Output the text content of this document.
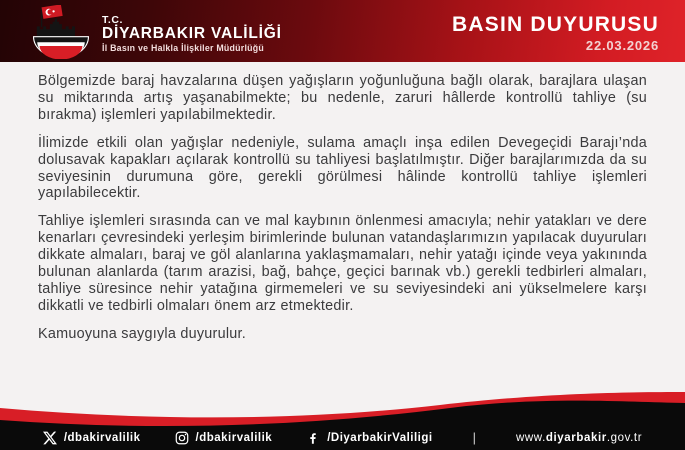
T.C.
DİYARBAKIR VALİLİĞİ
İl Basın ve Halkla İlişkiler Müdürlüğü
BASIN DUYURUSU
22.03.2026

Bölgemizde baraj havzalarına düşen yağışların yoğunluğuna bağlı olarak, barajlara ulaşan su miktarında artış yaşanabilmekte; bu nedenle, zaruri hâllerde kontrollü tahliye (su bırakma) işlemleri yapılabilmektedir.

İlimizde etkili olan yağışlar nedeniyle, sulama amaçlı inşa edilen Devegeçidi Barajı’nda dolusavak kapakları açılarak kontrollü su tahliyesi başlatılmıştır. Diğer barajlarımızda da su seviyesinin durumuna göre, gerekli görülmesi hâlinde kontrollü tahliye işlemleri yapılabilecektir.

Tahliye işlemleri sırasında can ve mal kaybının önlenmesi amacıyla; nehir yatakları ve dere kenarları çevresindeki yerleşim birimlerinde bulunan vatandaşlarımızın yapılacak duyuruları dikkate almaları, baraj ve göl alanlarına yaklaşmamaları, nehir yatağı içinde veya yakınında bulunan alanlarda (tarım arazisi, bağ, bahçe, geçici barınak vb.) gerekli tedbirleri almaları, tahliye süresince nehir yatağına girmemeleri ve su seviyesindeki ani yükselmelere karşı dikkatli ve tedbirli olmaları önem arz etmektedir.

Kamuoyuna saygıyla duyurulur.

/dbakirvalilik	/dbakirvalilik	/DiyarbakirValiligi	|	www.diyarbakir.gov.tr
